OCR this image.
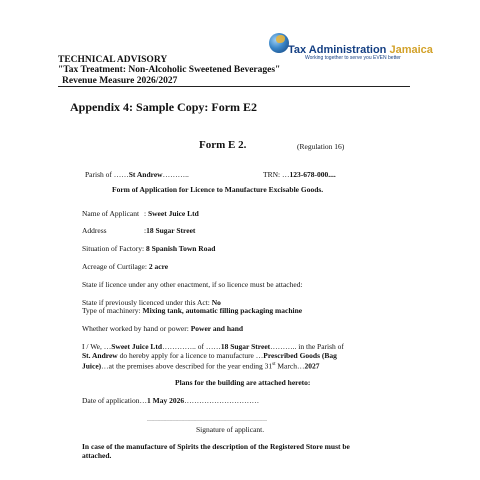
TECHNICAL ADVISORY
"Tax Treatment: Non-Alcoholic Sweetened Beverages"
Revenue Measure 2026/2027
Tax Administration Jamaica
Working together to serve you EVEN better
Appendix 4: Sample Copy: Form E2
Form E 2.	(Regulation 16)
Parish of ……St Andrew………..	TRN: …123-678-000....
Form of Application for Licence to Manufacture Excisable Goods.
Name of Applicant : Sweet Juice Ltd
Address	:18 Sugar Street
Situation of Factory: 8 Spanish Town Road
Acreage of Curtilage: 2 acre
State if licence under any other enactment, if so licence must be attached:
State if previously licenced under this Act: No
Type of machinery: Mixing tank, automatic filling packaging machine
Whether worked by hand or power: Power and hand
I / We, …Sweet Juice Ltd………….. of ……18 Sugar Street……….. in the Parish of
St. Andrew do hereby apply for a licence to manufacture …Prescribed Goods (Bag
Juice)…at the premises above described for the year ending 31st March…2027
Plans for the building are attached hereto:
Date of application…1 May 2026…………………………
……………………………………………………
Signature of applicant.
In case of the manufacture of Spirits the description of the Registered Store must be
attached.
